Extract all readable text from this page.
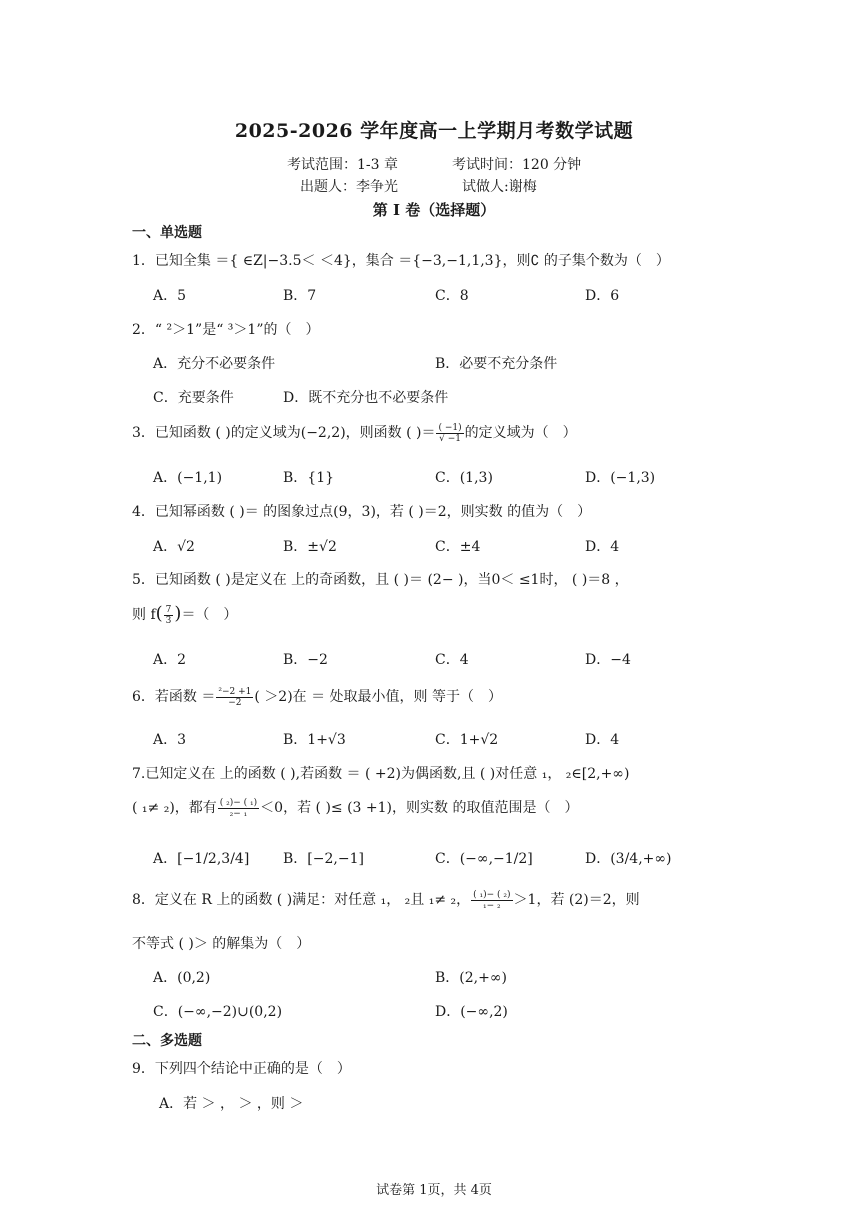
2025-2026 学年度高一上学期月考数学试题
考试范围：1-3 章	考试时间：120 分钟
出题人：李争光	试做人:谢梅
第 I 卷（选择题）
一、单选题
1．已知全集 ＝{ ∈Z|−3.5＜ ＜4}，集合 ＝{−3,−1,1,3}，则∁ 的子集个数为（　）
A．5	B．7	C．8	D．6
2．“ ²＞1”是“ ³＞1”的（　）
A．充分不必要条件	B．必要不充分条件
C．充要条件	D．既不充分也不必要条件
3．已知函数 ( )的定义域为(−2,2)，则函数 ( )＝ $\frac{( -1)}{√ -1}$ 的定义域为（　）
A．(−1,1)	B．{1}	C．(1,3)	D．(−1,3)
4．已知幂函数 ( )＝ 的图象过点(9，3)，若 ( )＝2，则实数 的值为（　）
A．√2	B．±√2	C．±4	D．4
5．已知函数 ( )是定义在 上的奇函数，且 ( )＝ (2− )，当0＜ ≤1时， ( )＝8 ，
则 $f( \frac{7}{3}$ )＝（　）
A．2	B．−2	C．4	D．−4
6．若函数 ＝ $\frac{\text{²−2 +1}}{-2}$ ( ＞2)在 ＝ 处取最小值，则 等于（　）
A．3	B．1+√3	C．1+√2	D．4
7.已知定义在 上的函数 ( ),若函数 ＝ ( +2)为偶函数,且 ( )对任意 ₁， ₂∈[2,+∞)
( ₁≠ ₂)，都有 $\frac{\text{( ₂)− ( ₁)}}{\text{₂− ₁}} <0$，若 ( )≤ (3 +1)，则实数 的取值范围是（　）
A．[−1/2,3/4] B．[−2,−1]	C．(−∞,−1/2]	D．(3/4,+∞)
8．定义在 R 上的函数 ( )满足：对任意 ₁， ₂且 ₁≠ ₂， $\frac{\text{( ₁)− ( ₂)}}{\text{₁− ₂}} >1$，若 (2)＝2，则
不等式 ( )＞ 的解集为（　）
A．(0,2)	B．(2,+∞)
C．(−∞,−2)∪(0,2)	D．(−∞,2)
二、多选题
9．下列四个结论中正确的是（　）
A．若 ＞ ， ＞ ，则 ＞
试卷第 1页，共 4页
